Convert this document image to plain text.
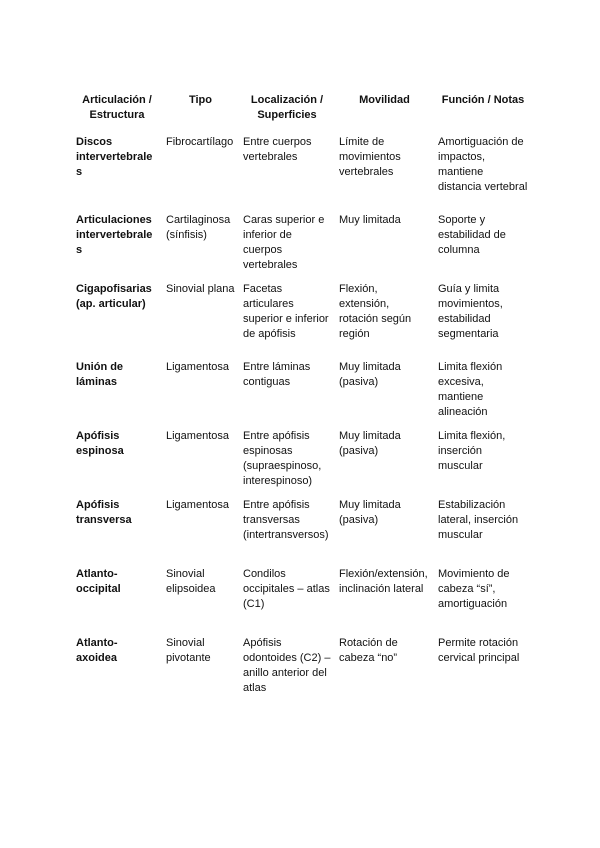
Articulación / Estructura	Tipo	Localización / Superficies	Movilidad	Función / Notas
Discos intervertebrales	Fibrocartílago	Entre cuerpos vertebrales	Límite de movimientos vertebrales	Amortiguación de impactos, mantiene distancia vertebral
Articulaciones intervertebrales	Cartilaginosa (sínfisis)	Caras superior e inferior de cuerpos vertebrales	Muy limitada	Soporte y estabilidad de columna
Cigapofisarias (ap. articular)	Sinovial plana	Facetas articulares superior e inferior de apófisis	Flexión, extensión, rotación según región	Guía y limita movimientos, estabilidad segmentaria
Unión de láminas	Ligamentosa	Entre láminas contiguas	Muy limitada (pasiva)	Limita flexión excesiva, mantiene alineación
Apófisis espinosa	Ligamentosa	Entre apófisis espinosas (supraespinoso, interespinoso)	Muy limitada (pasiva)	Limita flexión, inserción muscular
Apófisis transversa	Ligamentosa	Entre apófisis transversas (intertransversos)	Muy limitada (pasiva)	Estabilización lateral, inserción muscular
Atlanto-occipital	Sinovial elipsoidea	Condilos occipitales – atlas (C1)	Flexión/extensión, inclinación lateral	Movimiento de cabeza “sí”, amortiguación
Atlanto-axoidea	Sinovial pivotante	Apófisis odontoides (C2) – anillo anterior del atlas	Rotación de cabeza “no”	Permite rotación cervical principal
